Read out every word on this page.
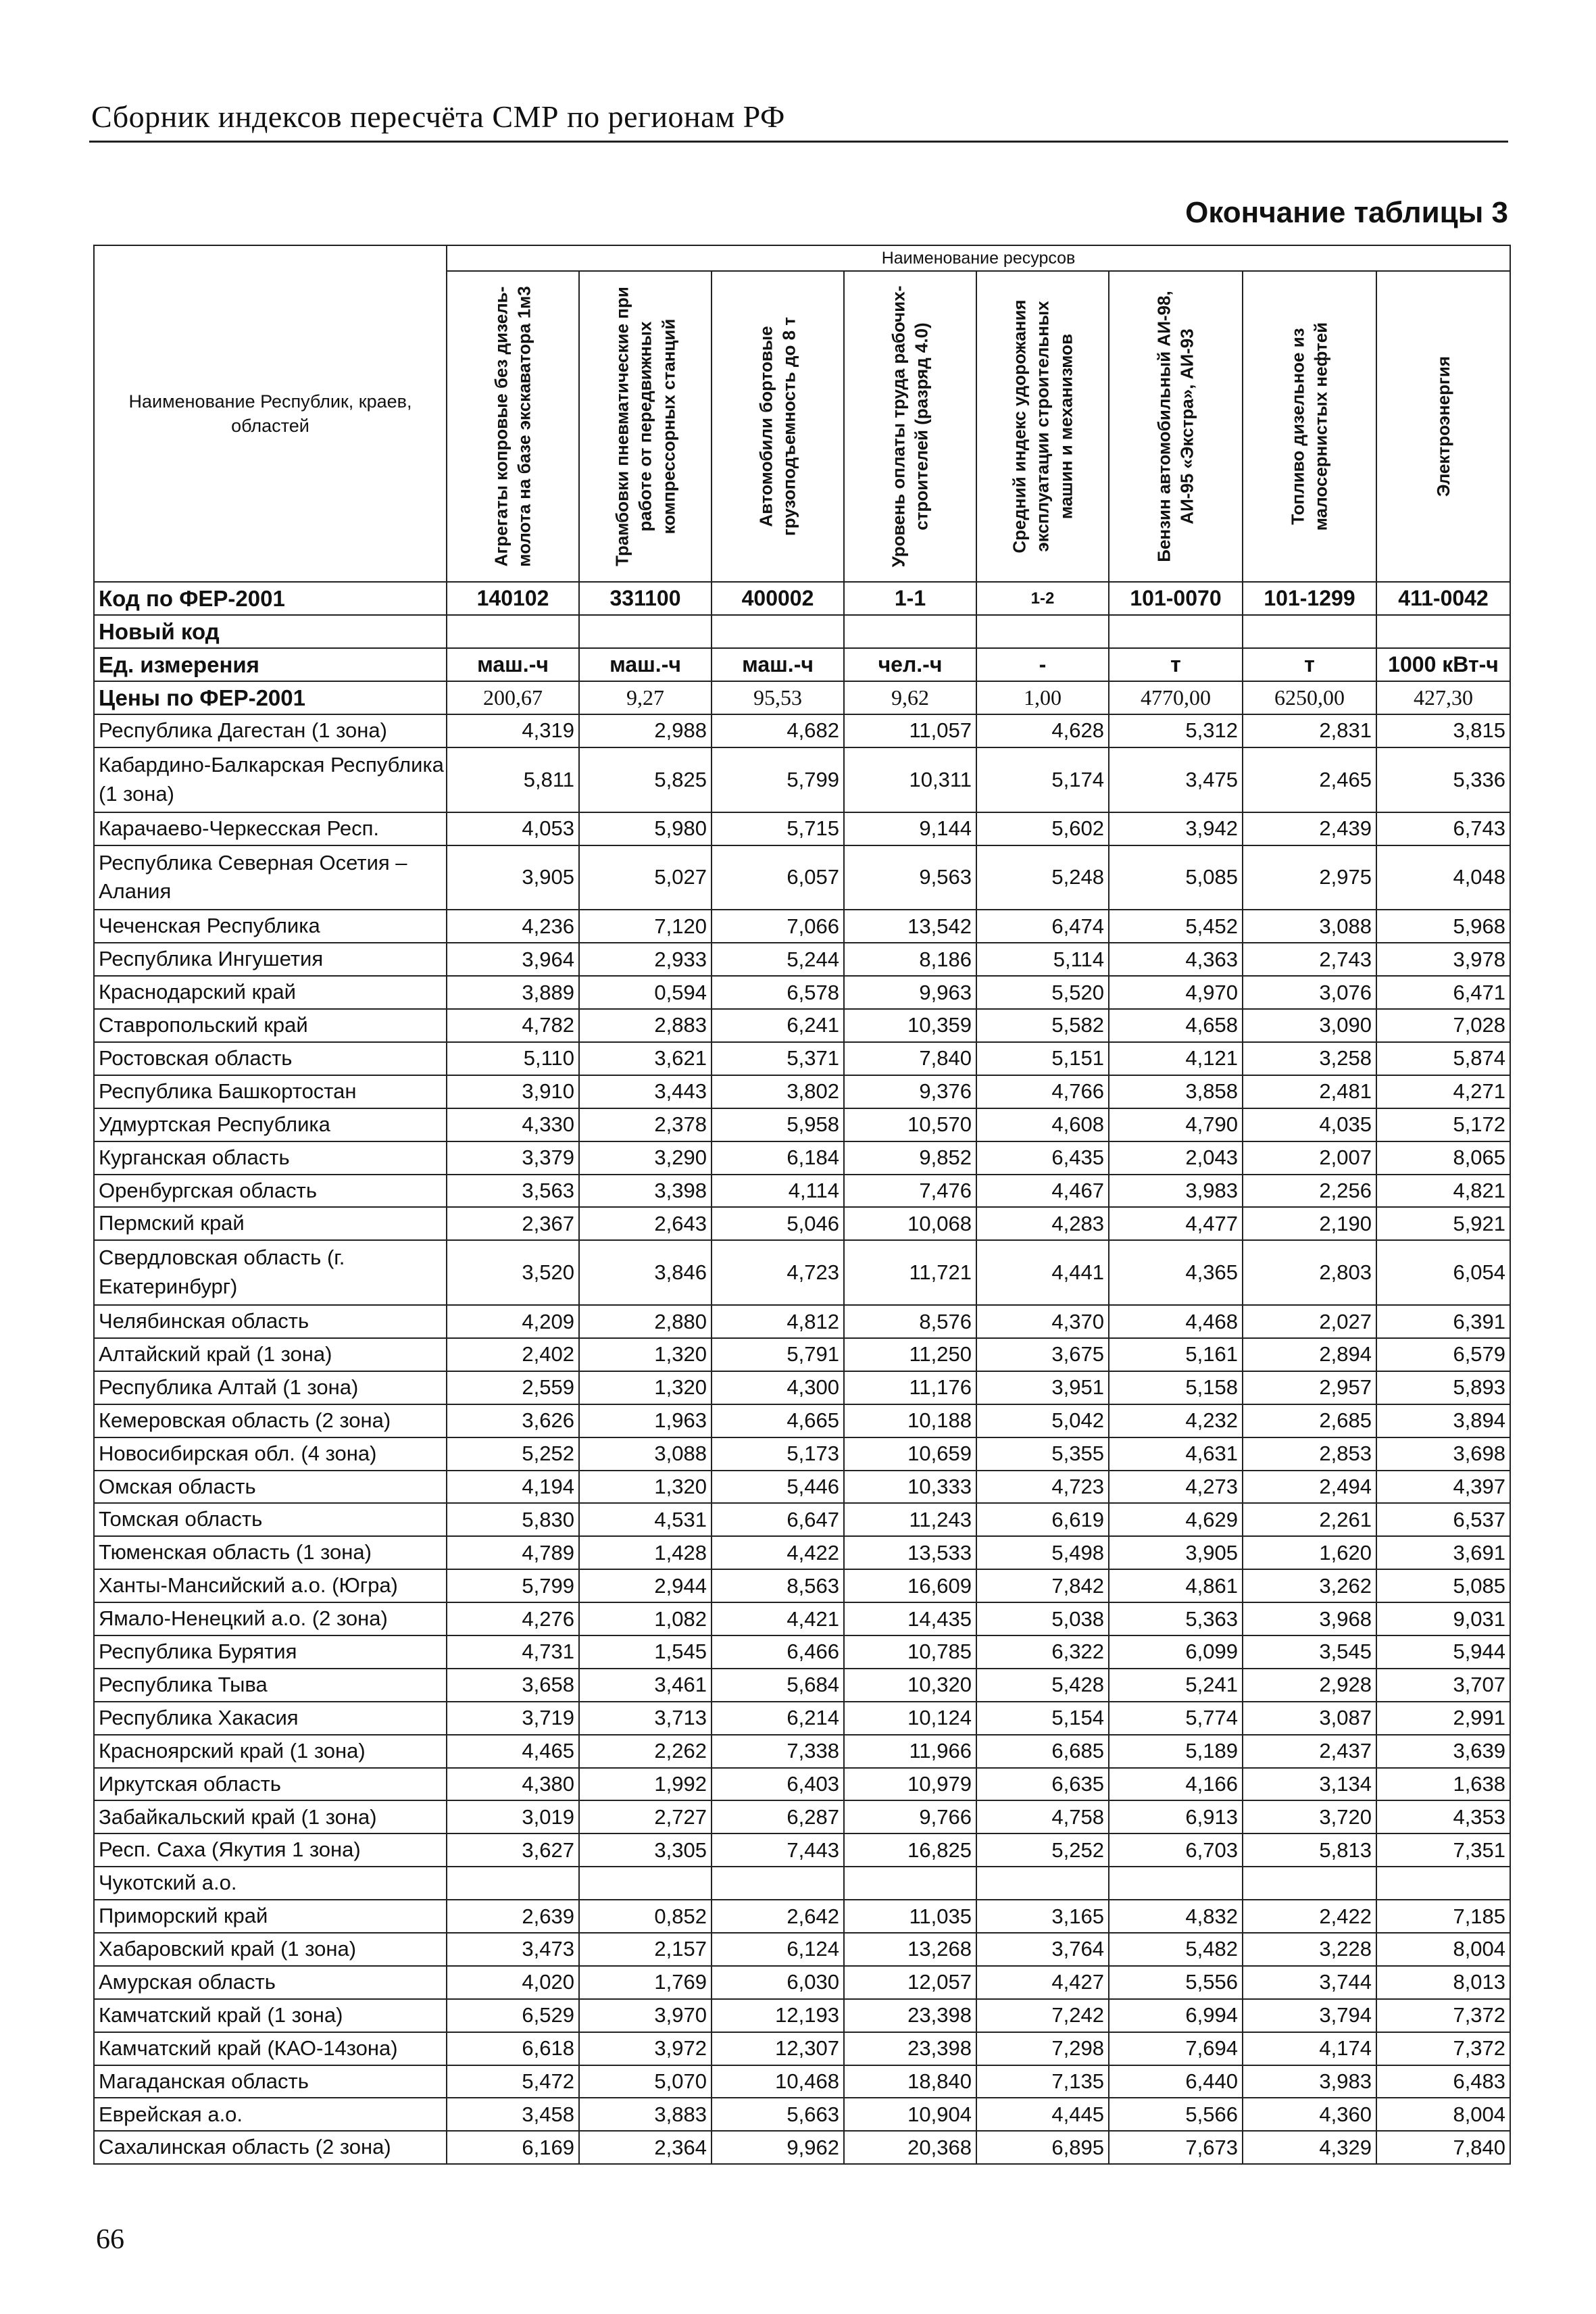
Сборник индексов пересчёта СМР по регионам РФ
Окончание таблицы 3
Наименование Республик, краев, областей	Наименование ресурсов							

	Агрегаты копровые без дизель-молота на базе экскаватора 1м3	Трамбовки пневматические при работе от передвижных компрессорных станций	Автомобили бортовые грузоподъемность до 8 т	Уровень оплаты труда рабочих-строителей (разряд 4.0)	Средний индекс удорожания эксплуатации строительных машин и механизмов	Бензин автомобильный АИ-98, АИ-95 «Экстра», АИ-93	Топливо дизельное из малосернистых нефтей	Электроэнергия

Код по ФЕР-2001	140102	331100	400002	1-1	1-2	101-0070	101-1299	411-0042
Новый код								
Ед. измерения	маш.-ч	маш.-ч	маш.-ч	чел.-ч	-	т	т	1000 кВт-ч
Цены по ФЕР-2001	200,67	9,27	95,53	9,62	1,00	4770,00	6250,00	427,30
Республика Дагестан (1 зона)	4,319	2,988	4,682	11,057	4,628	5,312	2,831	3,815
Кабардино-Балкарская Республика (1 зона)	5,811	5,825	5,799	10,311	5,174	3,475	2,465	5,336
Карачаево-Черкесская Респ.	4,053	5,980	5,715	9,144	5,602	3,942	2,439	6,743
Республика Северная Осетия – Алания	3,905	5,027	6,057	9,563	5,248	5,085	2,975	4,048
Чеченская Республика	4,236	7,120	7,066	13,542	6,474	5,452	3,088	5,968
Республика Ингушетия	3,964	2,933	5,244	8,186	5,114	4,363	2,743	3,978
Краснодарский край	3,889	0,594	6,578	9,963	5,520	4,970	3,076	6,471
Ставропольский край	4,782	2,883	6,241	10,359	5,582	4,658	3,090	7,028
Ростовская область	5,110	3,621	5,371	7,840	5,151	4,121	3,258	5,874
Республика Башкортостан	3,910	3,443	3,802	9,376	4,766	3,858	2,481	4,271
Удмуртская Республика	4,330	2,378	5,958	10,570	4,608	4,790	4,035	5,172
Курганская область	3,379	3,290	6,184	9,852	6,435	2,043	2,007	8,065
Оренбургская область	3,563	3,398	4,114	7,476	4,467	3,983	2,256	4,821
Пермский край	2,367	2,643	5,046	10,068	4,283	4,477	2,190	5,921
Свердловская область (г. Екатеринбург)	3,520	3,846	4,723	11,721	4,441	4,365	2,803	6,054
Челябинская область	4,209	2,880	4,812	8,576	4,370	4,468	2,027	6,391
Алтайский край (1 зона)	2,402	1,320	5,791	11,250	3,675	5,161	2,894	6,579
Республика Алтай (1 зона)	2,559	1,320	4,300	11,176	3,951	5,158	2,957	5,893
Кемеровская область (2 зона)	3,626	1,963	4,665	10,188	5,042	4,232	2,685	3,894
Новосибирская обл. (4 зона)	5,252	3,088	5,173	10,659	5,355	4,631	2,853	3,698
Омская область	4,194	1,320	5,446	10,333	4,723	4,273	2,494	4,397
Томская область	5,830	4,531	6,647	11,243	6,619	4,629	2,261	6,537
Тюменская область (1 зона)	4,789	1,428	4,422	13,533	5,498	3,905	1,620	3,691
Ханты-Мансийский а.о. (Югра)	5,799	2,944	8,563	16,609	7,842	4,861	3,262	5,085
Ямало-Ненецкий а.о. (2 зона)	4,276	1,082	4,421	14,435	5,038	5,363	3,968	9,031
Республика Бурятия	4,731	1,545	6,466	10,785	6,322	6,099	3,545	5,944
Республика Тыва	3,658	3,461	5,684	10,320	5,428	5,241	2,928	3,707
Республика Хакасия	3,719	3,713	6,214	10,124	5,154	5,774	3,087	2,991
Красноярский край (1 зона)	4,465	2,262	7,338	11,966	6,685	5,189	2,437	3,639
Иркутская область	4,380	1,992	6,403	10,979	6,635	4,166	3,134	1,638
Забайкальский край (1 зона)	3,019	2,727	6,287	9,766	4,758	6,913	3,720	4,353
Респ. Саха (Якутия 1 зона)	3,627	3,305	7,443	16,825	5,252	6,703	5,813	7,351
Чукотский а.о.								
Приморский край	2,639	0,852	2,642	11,035	3,165	4,832	2,422	7,185
Хабаровский край (1 зона)	3,473	2,157	6,124	13,268	3,764	5,482	3,228	8,004
Амурская область	4,020	1,769	6,030	12,057	4,427	5,556	3,744	8,013
Камчатский край (1 зона)	6,529	3,970	12,193	23,398	7,242	6,994	3,794	7,372
Камчатский край (КАО-14зона)	6,618	3,972	12,307	23,398	7,298	7,694	4,174	7,372
Магаданская область	5,472	5,070	10,468	18,840	7,135	6,440	3,983	6,483
Еврейская а.о.	3,458	3,883	5,663	10,904	4,445	5,566	4,360	8,004
Сахалинская область (2 зона)	6,169	2,364	9,962	20,368	6,895	7,673	4,329	7,840
66
